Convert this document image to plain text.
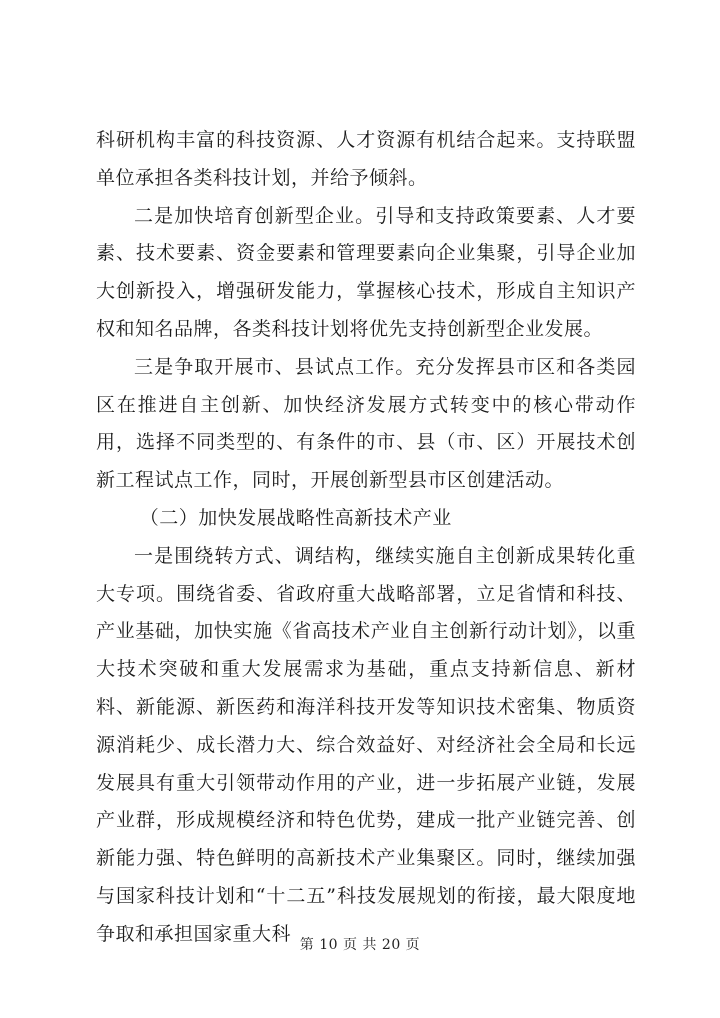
科研机构丰富的科技资源、人才资源有机结合起来。支持联盟单位承担各类科技计划，并给予倾斜。

二是加快培育创新型企业。引导和支持政策要素、人才要素、技术要素、资金要素和管理要素向企业集聚，引导企业加大创新投入，增强研发能力，掌握核心技术，形成自主知识产权和知名品牌，各类科技计划将优先支持创新型企业发展。

三是争取开展市、县试点工作。充分发挥县市区和各类园区在推进自主创新、加快经济发展方式转变中的核心带动作用，选择不同类型的、有条件的市、县（市、区）开展技术创新工程试点工作，同时，开展创新型县市区创建活动。

（二）加快发展战略性高新技术产业

一是围绕转方式、调结构，继续实施自主创新成果转化重大专项。围绕省委、省政府重大战略部署，立足省情和科技、产业基础，加快实施《省高技术产业自主创新行动计划》，以重大技术突破和重大发展需求为基础，重点支持新信息、新材料、新能源、新医药和海洋科技开发等知识技术密集、物质资源消耗少、成长潜力大、综合效益好、对经济社会全局和长远发展具有重大引领带动作用的产业，进一步拓展产业链，发展产业群，形成规模经济和特色优势，建成一批产业链完善、创新能力强、特色鲜明的高新技术产业集聚区。同时，继续加强与国家科技计划和“十二五”科技发展规划的衔接，最大限度地争取和承担国家重大科

第 10 页 共 20 页
